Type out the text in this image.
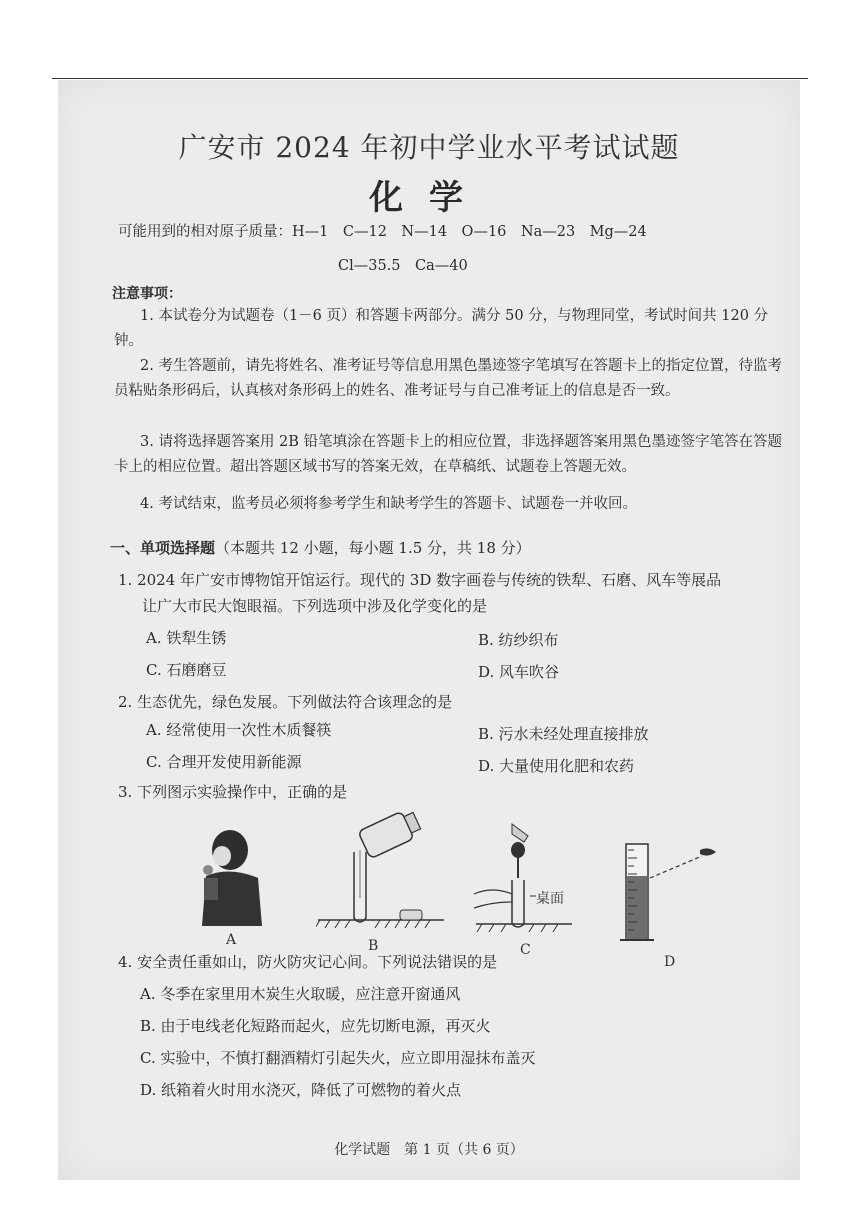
广安市 2024 年初中学业水平考试试题
化学
可能用到的相对原子质量：H—1　C—12　N—14　O—16　Na—23　Mg—24
Cl—35.5　Ca—40
注意事项：
1. 本试卷分为试题卷（1－6 页）和答题卡两部分。满分 50 分，与物理同堂，考试时间共 120 分钟。
2. 考生答题前，请先将姓名、准考证号等信息用黑色墨迹签字笔填写在答题卡上的指定位置，待监考员粘贴条形码后，认真核对条形码上的姓名、准考证号与自己准考证上的信息是否一致。
3. 请将选择题答案用 2B 铅笔填涂在答题卡上的相应位置，非选择题答案用黑色墨迹签字笔答在答题卡上的相应位置。超出答题区域书写的答案无效，在草稿纸、试题卷上答题无效。
4. 考试结束，监考员必须将参考学生和缺考学生的答题卡、试题卷一并收回。
一、单项选择题（本题共 12 小题，每小题 1.5 分，共 18 分）
1. 2024 年广安市博物馆开馆运行。现代的 3D 数字画卷与传统的铁犁、石磨、风车等展品
让广大市民大饱眼福。下列选项中涉及化学变化的是
A. 铁犁生锈	B. 纺纱织布
C. 石磨磨豆	D. 风车吹谷
2. 生态优先，绿色发展。下列做法符合该理念的是
A. 经常使用一次性木质餐筷	B. 污水未经处理直接排放
C. 合理开发使用新能源	D. 大量使用化肥和农药
3. 下列图示实验操作中，正确的是
A	B
桌面
C
D
4. 安全责任重如山，防火防灾记心间。下列说法错误的是
A. 冬季在家里用木炭生火取暖，应注意开窗通风
B. 由于电线老化短路而起火，应先切断电源，再灭火
C. 实验中，不慎打翻酒精灯引起失火，应立即用湿抹布盖灭
D. 纸箱着火时用水浇灭，降低了可燃物的着火点
化学试题　第 1 页（共 6 页）
